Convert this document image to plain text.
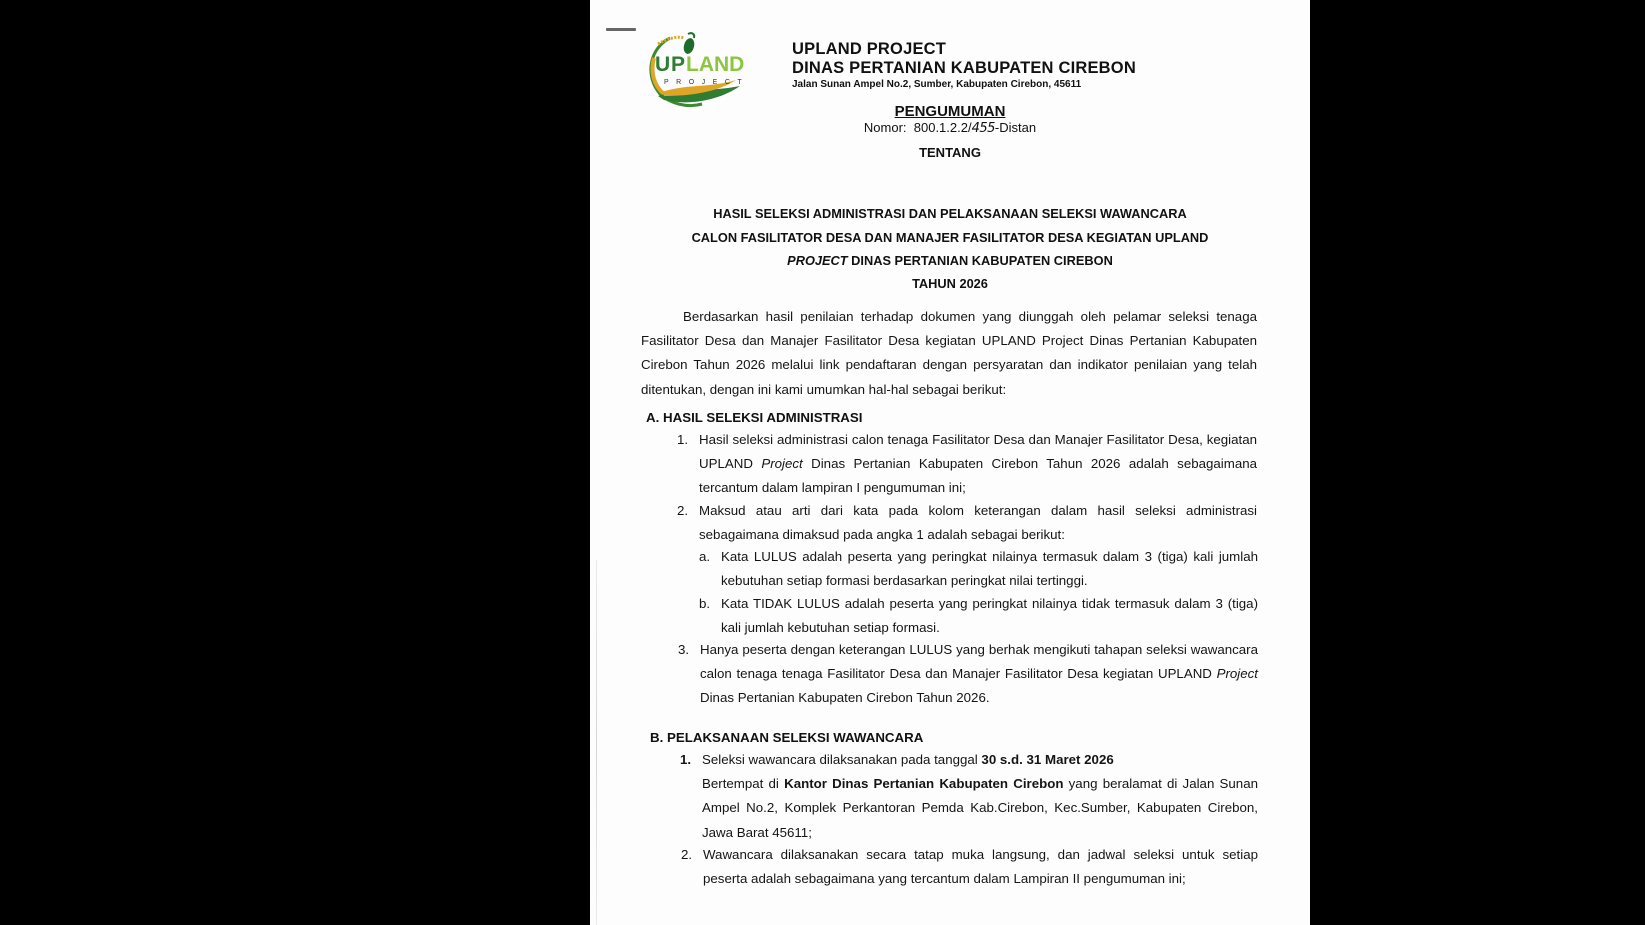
U P LAND
PROJECT
UPLAND PROJECT
DINAS PERTANIAN KABUPATEN CIREBON
Jalan Sunan Ampel No.2, Sumber, Kabupaten Cirebon, 45611
PENGUMUMAN
Nomor: 800.1.2.2/455-Distan
TENTANG
HASIL SELEKSI ADMINISTRASI DAN PELAKSANAAN SELEKSI WAWANCARA
CALON FASILITATOR DESA DAN MANAJER FASILITATOR DESA KEGIATAN UPLAND
PROJECT DINAS PERTANIAN KABUPATEN CIREBON
TAHUN 2026
Berdasarkan hasil penilaian terhadap dokumen yang diunggah oleh pelamar seleksi tenaga Fasilitator Desa dan Manajer Fasilitator Desa kegiatan UPLAND Project Dinas Pertanian Kabupaten Cirebon Tahun 2026 melalui link pendaftaran dengan persyaratan dan indikator penilaian yang telah ditentukan, dengan ini kami umumkan hal-hal sebagai berikut:
A. HASIL SELEKSI ADMINISTRASI
1. Hasil seleksi administrasi calon tenaga Fasilitator Desa dan Manajer Fasilitator Desa, kegiatan UPLAND Project Dinas Pertanian Kabupaten Cirebon Tahun 2026 adalah sebagaimana tercantum dalam lampiran I pengumuman ini;
2. Maksud atau arti dari kata pada kolom keterangan dalam hasil seleksi administrasi sebagaimana dimaksud pada angka 1 adalah sebagai berikut:
a. Kata LULUS adalah peserta yang peringkat nilainya termasuk dalam 3 (tiga) kali jumlah kebutuhan setiap formasi berdasarkan peringkat nilai tertinggi.
b. Kata TIDAK LULUS adalah peserta yang peringkat nilainya tidak termasuk dalam 3 (tiga) kali jumlah kebutuhan setiap formasi.
3. Hanya peserta dengan keterangan LULUS yang berhak mengikuti tahapan seleksi wawancara calon tenaga tenaga Fasilitator Desa dan Manajer Fasilitator Desa kegiatan UPLAND Project Dinas Pertanian Kabupaten Cirebon Tahun 2026.
B. PELAKSANAAN SELEKSI WAWANCARA
1. Seleksi wawancara dilaksanakan pada tanggal 30 s.d. 31 Maret 2026
Bertempat di Kantor Dinas Pertanian Kabupaten Cirebon yang beralamat di Jalan Sunan Ampel No.2, Komplek Perkantoran Pemda Kab.Cirebon, Kec.Sumber, Kabupaten Cirebon, Jawa Barat 45611;
2. Wawancara dilaksanakan secara tatap muka langsung, dan jadwal seleksi untuk setiap peserta adalah sebagaimana yang tercantum dalam Lampiran II pengumuman ini;
